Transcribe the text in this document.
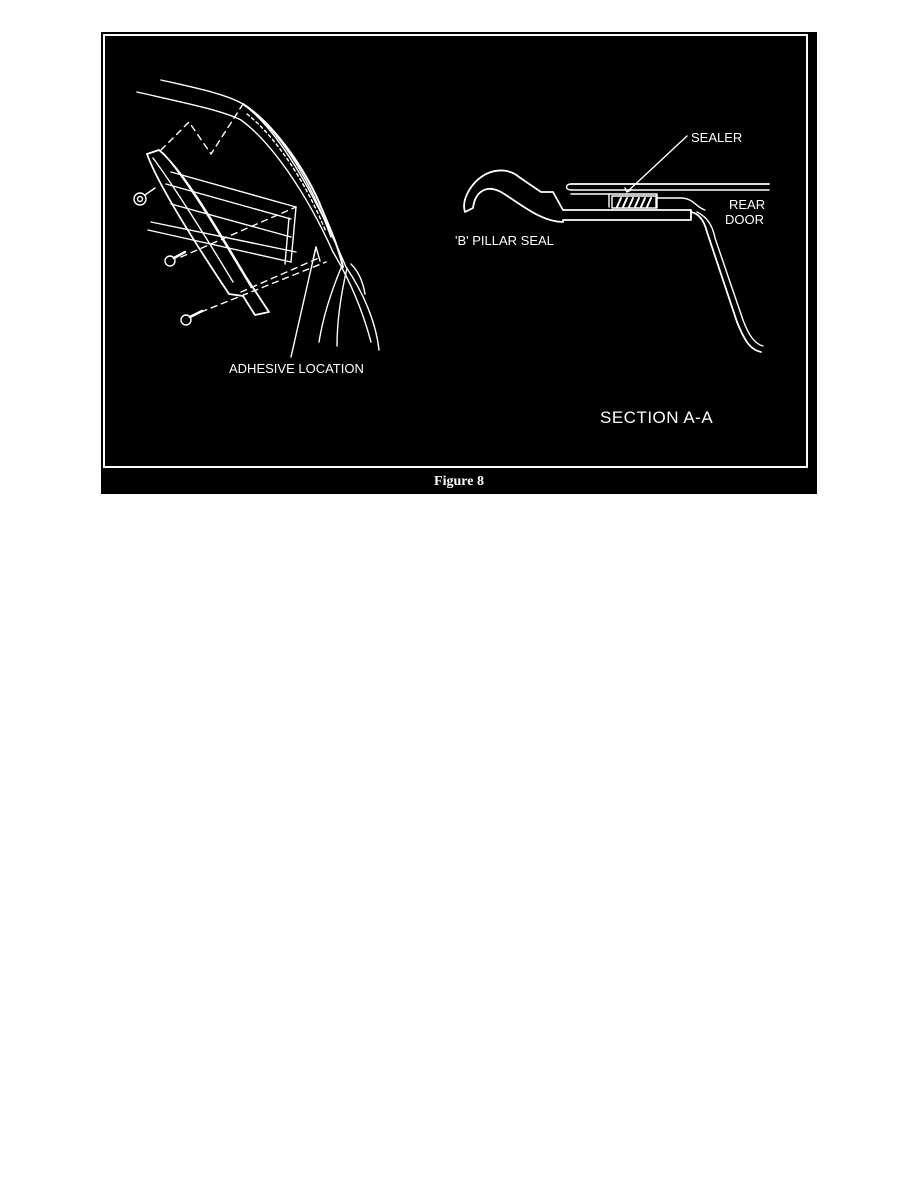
ADHESIVE LOCATION
SEALER
REAR
DOOR
'B' PILLAR SEAL
SECTION A-A
Figure 8
